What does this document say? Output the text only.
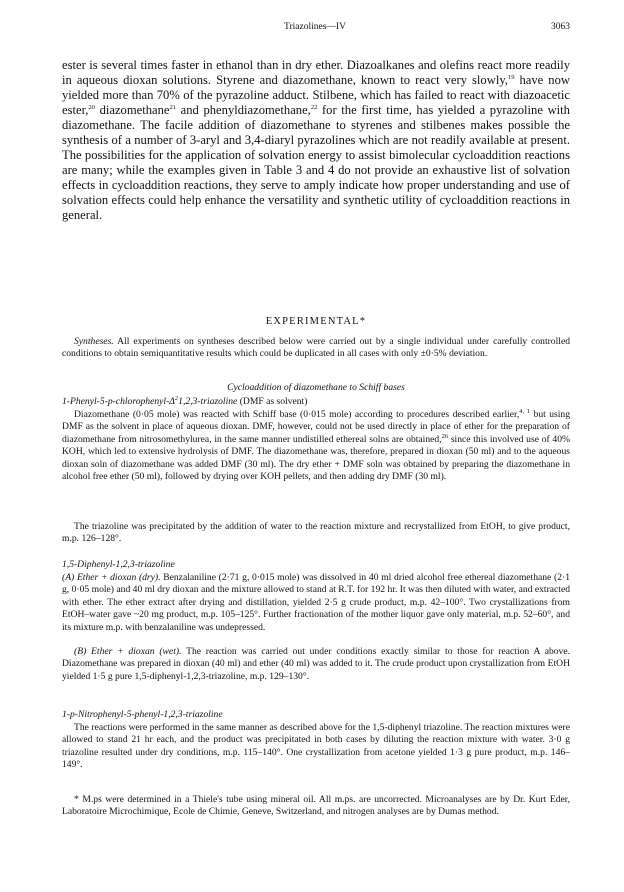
Triazolines—IV	3063

ester is several times faster in ethanol than in dry ether. Diazoalkanes and olefins react more readily in aqueous dioxan solutions. Styrene and diazomethane, known to react very slowly,$^{19}$ have now yielded more than 70% of the pyrazoline adduct. Stilbene, which has failed to react with diazoacetic ester,$^{20}$ diazomethane$^{21}$ and phenyldiazomethane,$^{22}$ for the first time, has yielded a pyrazoline with diazomethane. The facile addition of diazomethane to styrenes and stilbenes makes possible the synthesis of a number of 3-aryl and 3,4-diaryl pyrazolines which are not readily available at present. The possibilities for the application of solvation energy to assist bimolecular cycloaddition reactions are many; while the examples given in Table 3 and 4 do not provide an exhaustive list of solvation effects in cycloaddition reactions, they serve to amply indicate how proper understanding and use of solvation effects could help enhance the versatility and synthetic utility of cycloaddition reactions in general.

EXPERIMENTAL*

Syntheses. All experiments on syntheses described below were carried out by a single individual under carefully controlled conditions to obtain semiquantitative results which could be duplicated in all cases with only ±0·5% deviation.

Cycloaddition of diazomethane to Schiff bases
$1-Phenyl-5-p-chlorophenyl-\Delta^21,2,3$-triazoline (DMF as solvent)

Diazomethane (0·05 mole) was reacted with Schiff base (0·015 mole) according to procedures described earlier,$^{4, 1}$ but using DMF as the solvent in place of aqueous dioxan. DMF, however, could not be used directly in place of ether for the preparation of diazomethane from nitrosomethylurea, in the same manner undistilled ethereal solns are obtained,$^{26}$ since this involved use of 40% KOH, which led to extensive hydrolysis of DMF. The diazomethane was, therefore, prepared in dioxan (50 ml) and to the aqueous dioxan soln of diazomethane was added DMF (30 ml). The dry ether + DMF soln was obtained by preparing the diazomethane in alcohol free ether (50 ml), followed by drying over KOH pellets, and then adding dry DMF (30 ml).

The triazoline was precipitated by the addition of water to the reaction mixture and recrystallized from EtOH, to give product, m.p. 126–128°.

1,5-Diphenyl-1,2,3-triazoline

(A) Ether + dioxan (dry). Benzalaniline (2·71 g, 0·015 mole) was dissolved in 40 ml dried alcohol free ethereal diazomethane (2·1 g, 0·05 mole) and 40 ml dry dioxan and the mixture allowed to stand at R.T. for 192 hr. It was then diluted with water, and extracted with ether. The ether extract after drying and distillation, yielded 2·5 g crude product, m.p. 42–100°. Two crystallizations from EtOH–water gave ~20 mg product, m.p. 105–125°. Further fractionation of the mother liquor gave only material, m.p. 52–60°, and its mixture m.p. with benzalaniline was undepressed.

(B) Ether + dioxan (wet). The reaction was carried out under conditions exactly similar to those for reaction A above. Diazomethane was prepared in dioxan (40 ml) and ether (40 ml) was added to it. The crude product upon crystallization from EtOH yielded 1·5 g pure 1,5-diphenyl-1,2,3-triazoline, m.p. 129–130°.

1-p-Nitrophenyl-5-phenyl-1,2,3-triazoline

The reactions were performed in the same manner as described above for the 1,5-diphenyl triazoline. The reaction mixtures were allowed to stand 21 hr each, and the product was precipitated in both cases by diluting the reaction mixture with water. 3·0 g triazoline resulted under dry conditions, m.p. 115–140°. One crystallization from acetone yielded 1·3 g pure product, m.p. 146–149°.

* M.ps were determined in a Thiele's tube using mineral oil. All m.ps. are uncorrected. Microanalyses are by Dr. Kurt Eder, Laboratoire Microchimique, Ecole de Chimie, Geneve, Switzerland, and nitrogen analyses are by Dumas method.
